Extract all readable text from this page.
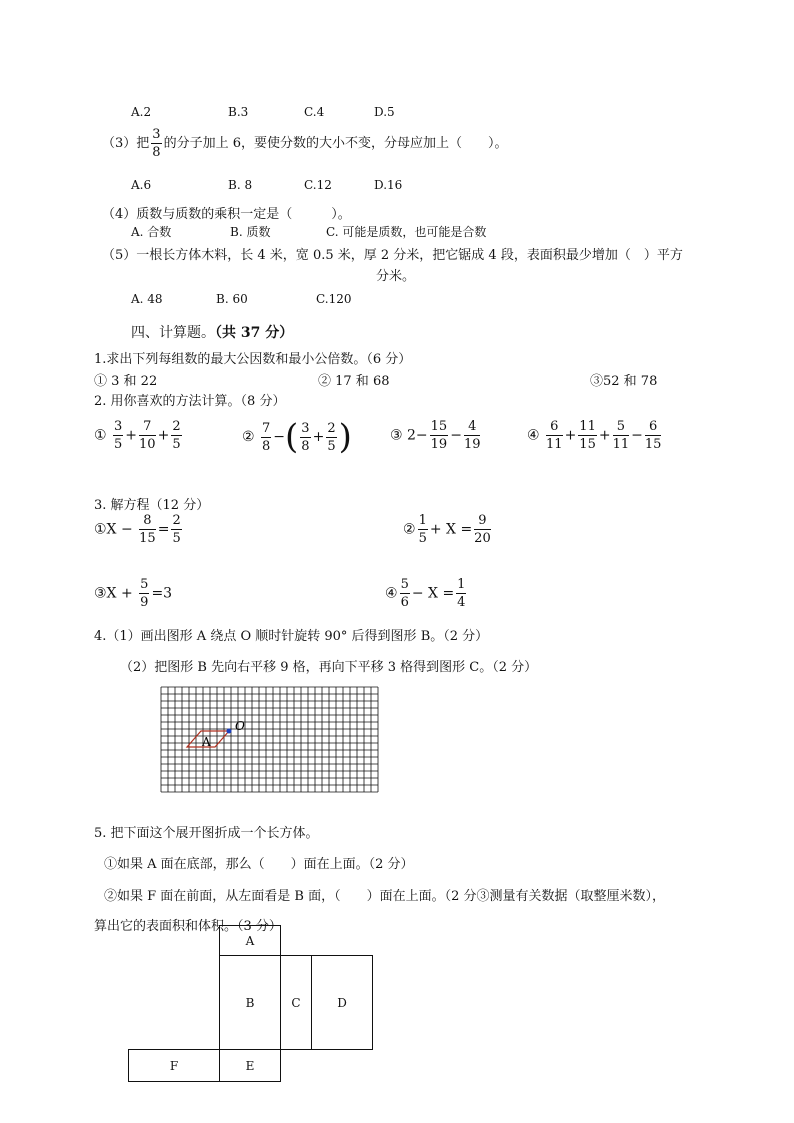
A.2	B.3	C.4	D.5
（3）把 $\frac{3}{8}$ 的分子加上 6，要使分数的大小不变，分母应加上（　　）。
A.6	B. 8	C.12	D.16
（4）质数与质数的乘积一定是（　　　）。
A. 合数	B. 质数	C. 可能是质数，也可能是合数
（5）一根长方体木料，长 4 米，宽 0.5 米，厚 2 分米，把它锯成 4 段，表面积最少增加（　）平方
分米。
A. 48	B. 60	C.120
四、计算题。（共 37 分）
1.求出下列每组数的最大公因数和最小公倍数。（6 分）
① 3 和 22	② 17 和 68	③52 和 78
2. 用你喜欢的方法计算。（8 分）
① $\frac{3}{5} + \frac{7}{10} + \frac{2}{5}$	② $\frac{7}{8}$ −( $\frac{3}{8} + \frac{2}{5}$ )	③ $2- \frac{15}{19} - \frac{4}{19}$	④ $\frac{6}{11} + \frac{11}{15} + \frac{5}{11} - \frac{6}{15}$
3. 解方程（12 分）
①X − $\frac{8}{15} = \frac{2}{5}$	② $\frac{1}{5} + X = \frac{9}{20}$
③X + $\frac{5}{9} =3$	④ $\frac{5}{6} - X = \frac{1}{4}$
4.（1）画出图形 A 绕点 O 顺时针旋转 90° 后得到图形 B。（2 分）
（2）把图形 B 先向右平移 9 格，再向下平移 3 格得到图形 C。（2 分）
A
O
5. 把下面这个展开图折成一个长方体。
①如果 A 面在底部，那么（　　）面在上面。（2 分）
②如果 F 面在前面，从左面看是 B 面，（　　）面在上面。（2 分③测量有关数据（取整厘米数），
算出它的表面积和体积。（3 分）
A
B	C	D
E
F
